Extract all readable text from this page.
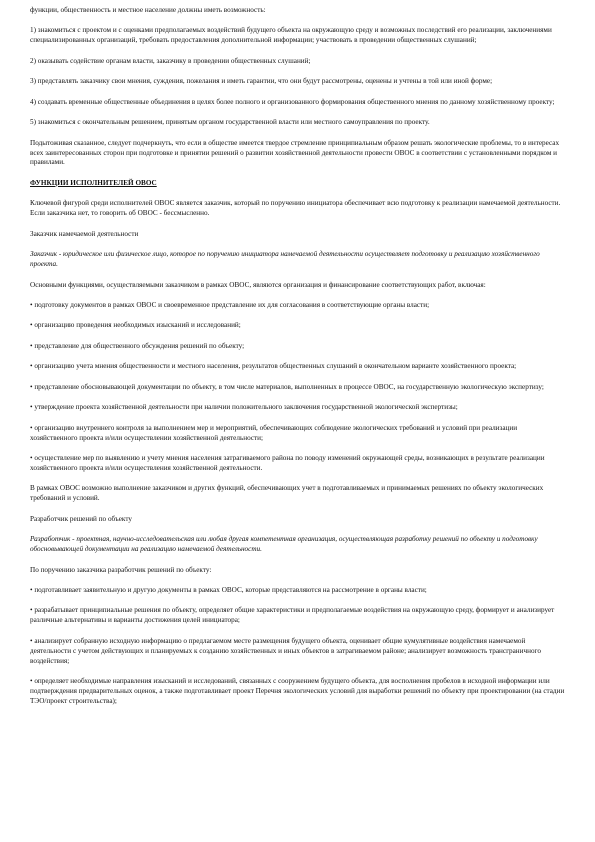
функции, общественность и местное население должны иметь возможность:

1) знакомиться с проектом и с оценками предполагаемых воздействий будущего объекта на окружающую среду и возможных последствий его реализации, заключениями специализированных организаций, требовать предоставления дополнительной информации; участвовать в проведении общественных слушаний;

2) оказывать содействие органам власти, заказчику в проведении общественных слушаний;

3) представлять заказчику свои мнения, суждения, пожелания и иметь гарантии, что они будут рассмотрены, оценены и учтены в той или иной форме;

4) создавать временные общественные объединения в целях более полного и организованного формирования общественного мнения по данному хозяйственному проекту;

5) знакомиться с окончательным решением, принятым органом государственной власти или местного самоуправления по проекту.

Подытоживая сказанное, следует подчеркнуть, что если в обществе имеется твердое стремление принципиальным образом решать экологические проблемы, то в интересах всех заинтересованных сторон при подготовке и принятии решений о развитии хозяйственной деятельности провести ОВОС в соответствии с установленными порядком и правилами.

ФУНКЦИИ ИСПОЛНИТЕЛЕЙ ОВОС

Ключевой фигурой среди исполнителей ОВОС является заказчик, который по поручению инициатора обеспечивает всю подготовку к реализации намечаемой деятельности. Если заказчика нет, то говорить об ОВОС - бессмысленно.

Заказчик намечаемой деятельности

Заказчик - юридическое или физическое лицо, которое по поручению инициатора намечаемой деятельности осуществляет подготовку и реализацию хозяйственного проекта.

Основными функциями, осуществляемыми заказчиком в рамках ОВОС, являются организация и финансирование соответствующих работ, включая:

• подготовку документов в рамках ОВОС и своевременное представление их для согласования в соответствующие органы власти;

• организацию проведения необходимых изысканий и исследований;

• представление для общественного обсуждения решений по объекту;

• организацию учета мнения общественности и местного населения, результатов общественных слушаний в окончательном варианте хозяйственного проекта;

• представление обосновывающей документации по объекту, в том числе материалов, выполненных в процессе ОВОС, на государственную экологическую экспертизу;

• утверждение проекта хозяйственной деятельности при наличии положительного заключения государственной экологической экспертизы;

• организацию внутреннего контроля за выполнением мер и мероприятий, обеспечивающих соблюдение экологических требований и условий при реализации хозяйственного проекта и/или осуществлении хозяйственной деятельности;

• осуществление мер по выявлению и учету мнения населения затрагиваемого района по поводу изменений окружающей среды, возникающих в результате реализации хозяйственного проекта и/или осуществления хозяйственной деятельности.

В рамках ОВОС возможно выполнение заказчиком и других функций, обеспечивающих учет в подготавливаемых и принимаемых решениях по объекту экологических требований и условий.

Разработчик решений по объекту

Разработчик - проектная, научно-исследовательская или любая другая компетентная организация, осуществляющая разработку решений по объекту и подготовку обосновывающей документации на реализацию намечаемой деятельности.

По поручению заказчика разработчик решений по объекту:

• подготавливает заявительную и другую документы в рамках ОВОС, которые представляются на рассмотрение в органы власти;

• разрабатывает принципиальные решения по объекту, определяет общие характеристики и предполагаемые воздействия на окружающую среду, формирует и анализирует различные альтернативы и варианты достижения целей инициатора;

• анализирует собранную исходную информацию о предлагаемом месте размещения будущего объекта, оценивает общие кумулятивные воздействия намечаемой деятельности с учетом действующих и планируемых к созданию хозяйственных и иных объектов в затрагиваемом районе; анализирует возможность трансграничного воздействия;

• определяет необходимые направления изысканий и исследований, связанных с сооружением будущего объекта, для восполнения пробелов в исходной информации или подтверждения предварительных оценок, а также подготавливает проект Перечня экологических условий для выработки решений по объекту при проектировании (на стадии ТЭО/проект строительства);
